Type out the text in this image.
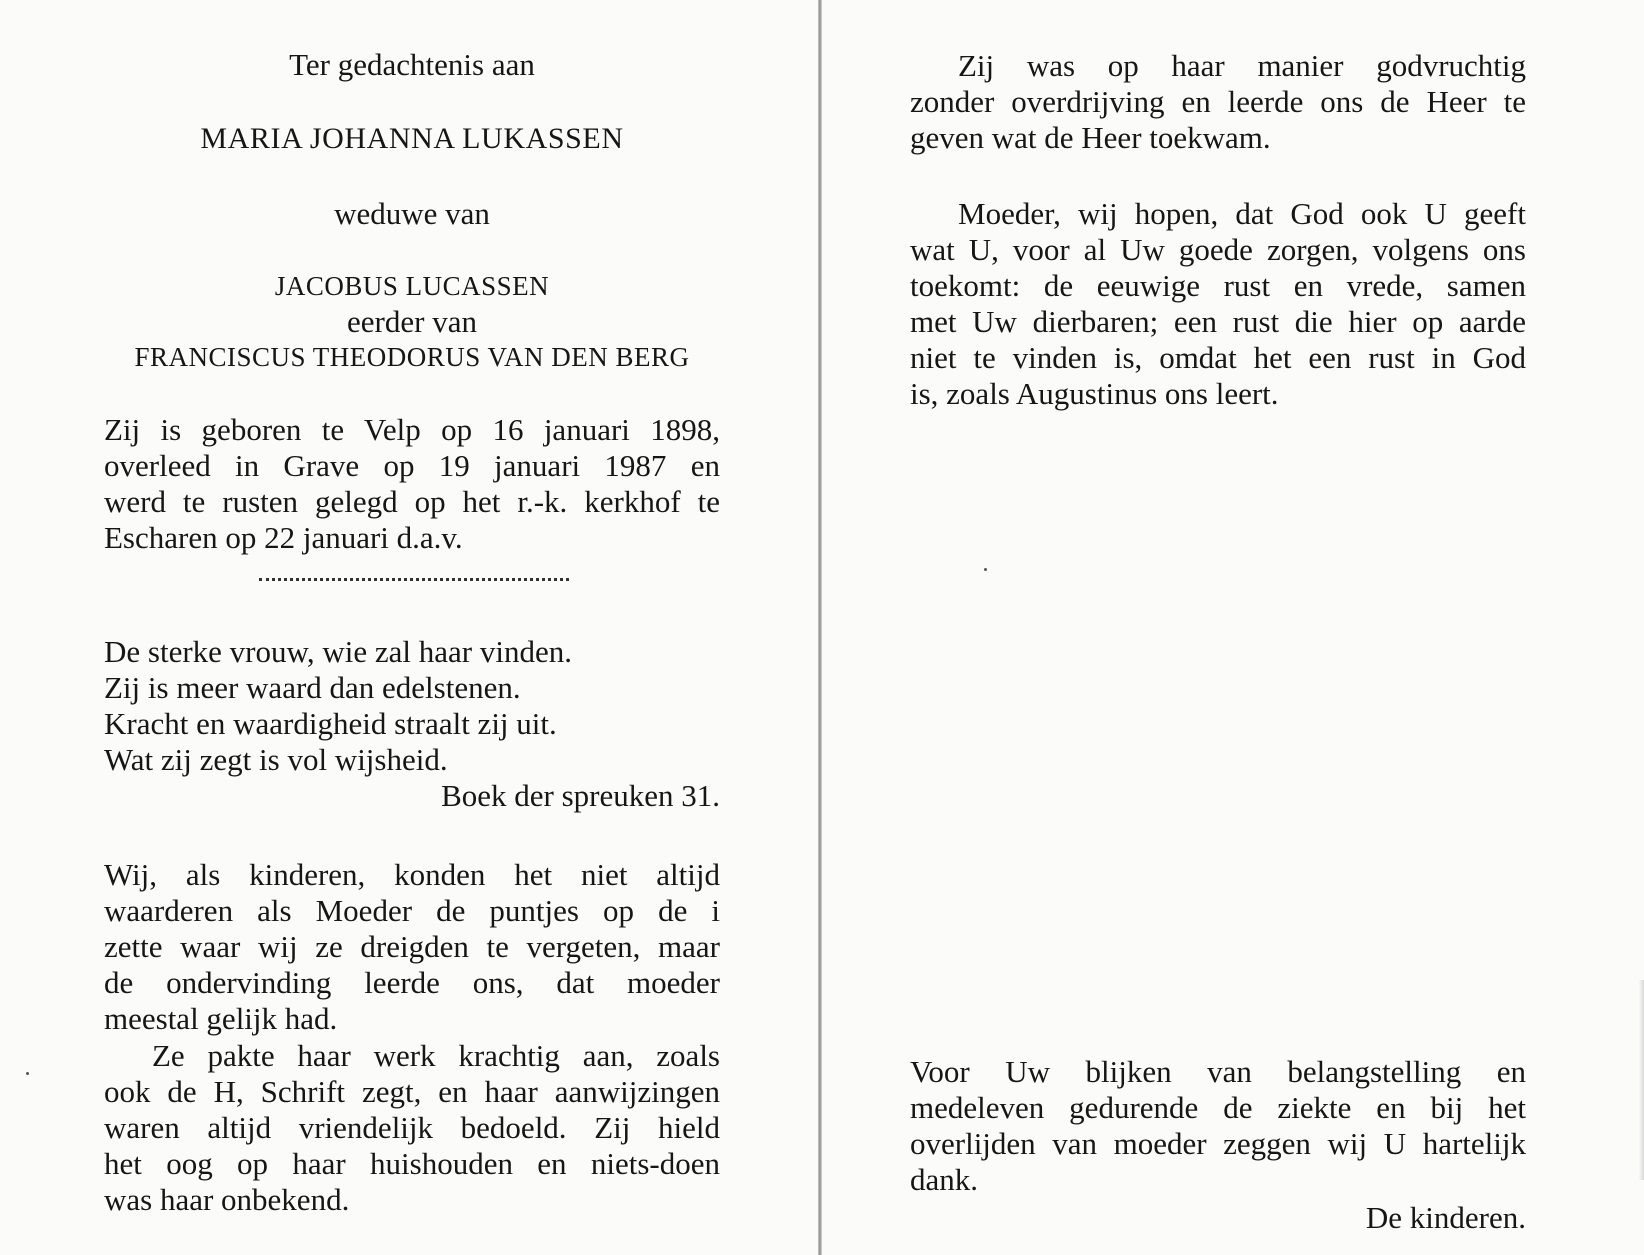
Ter gedachtenis aan
MARIA JOHANNA LUKASSEN
weduwe van
JACOBUS LUCASSEN
eerder van
FRANCISCUS THEODORUS VAN DEN BERG
Zij is geboren te Velp op 16 januari 1898,
overleed in Grave op 19 januari 1987 en
werd te rusten gelegd op het r.-k. kerkhof te
Escharen op 22 januari d.a.v.
De sterke vrouw, wie zal haar vinden.
Zij is meer waard dan edelstenen.
Kracht en waardigheid straalt zij uit.
Wat zij zegt is vol wijsheid.
Boek der spreuken 31.
Wij, als kinderen, konden het niet altijd
waarderen als Moeder de puntjes op de i
zette waar wij ze dreigden te vergeten, maar
de ondervinding leerde ons, dat moeder
meestal gelijk had.
Ze pakte haar werk krachtig aan, zoals
ook de H, Schrift zegt, en haar aanwijzingen
waren altijd vriendelijk bedoeld. Zij hield
het oog op haar huishouden en niets-doen
was haar onbekend.
Zij was op haar manier godvruchtig
zonder overdrijving en leerde ons de Heer te
geven wat de Heer toekwam.
Moeder, wij hopen, dat God ook U geeft
wat U, voor al Uw goede zorgen, volgens ons
toekomt: de eeuwige rust en vrede, samen
met Uw dierbaren; een rust die hier op aarde
niet te vinden is, omdat het een rust in God
is, zoals Augustinus ons leert.
Voor Uw blijken van belangstelling en
medeleven gedurende de ziekte en bij het
overlijden van moeder zeggen wij U hartelijk
dank.
De kinderen.
